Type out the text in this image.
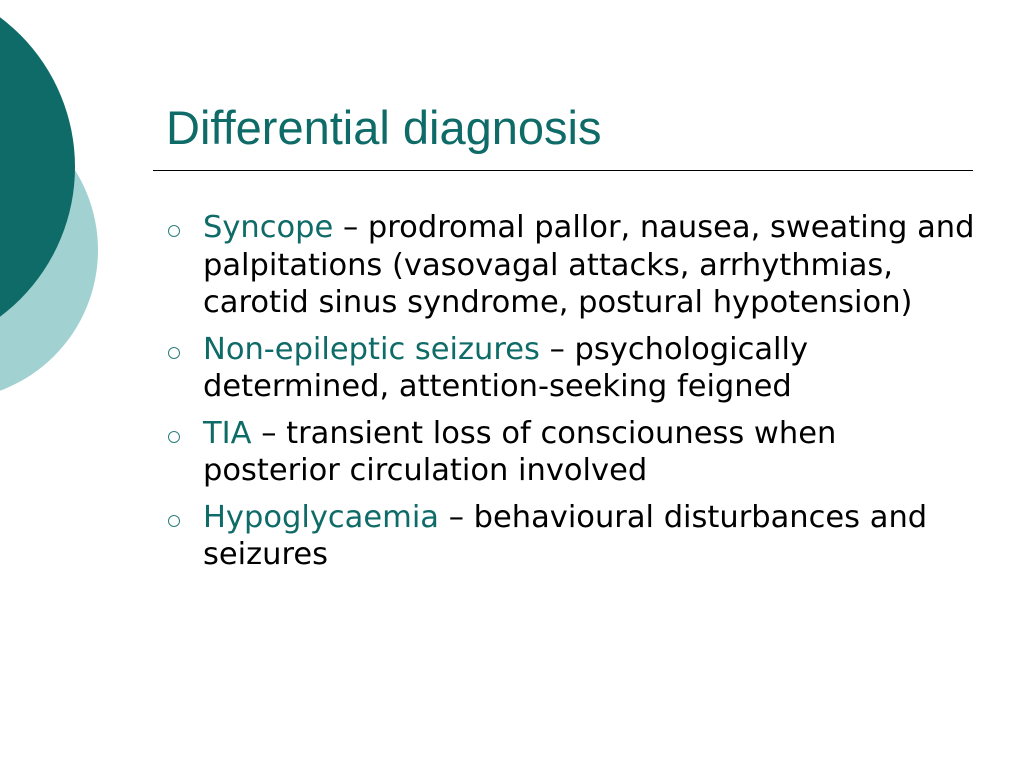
Differential diagnosis
Syncope – prodromal pallor, nausea, sweating and palpitations (vasovagal attacks, arrhythmias, carotid sinus syndrome, postural hypotension)
Non-epileptic seizures – psychologically determined, attention-seeking feigned
TIA – transient loss of consciouness when posterior circulation involved
Hypoglycaemia – behavioural disturbances and seizures
